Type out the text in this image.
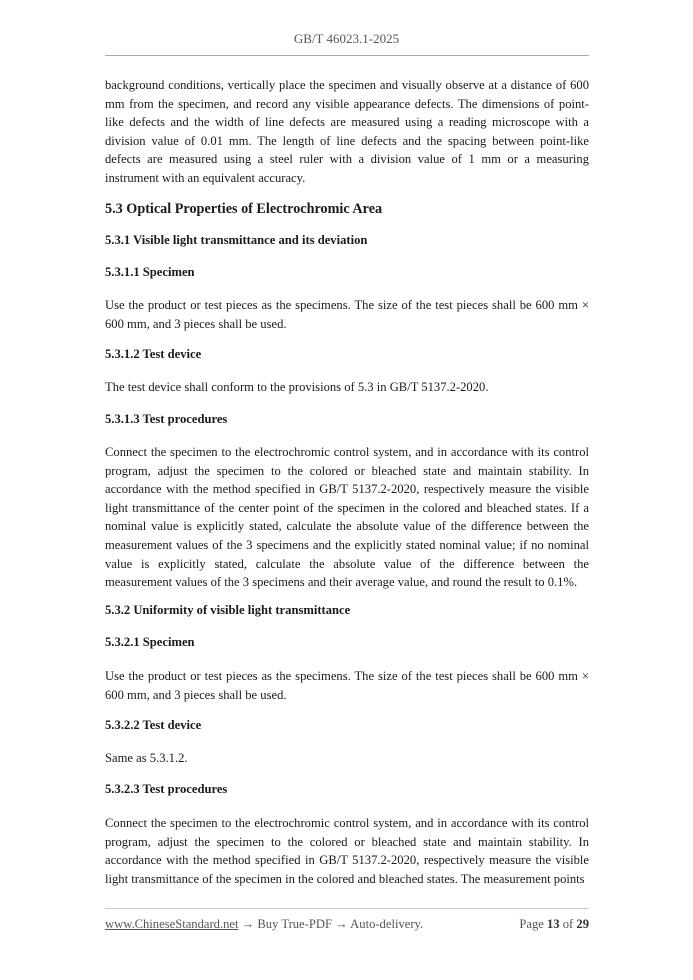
GB/T 46023.1-2025
background conditions, vertically place the specimen and visually observe at a distance of 600 mm from the specimen, and record any visible appearance defects. The dimensions of point-like defects and the width of line defects are measured using a reading microscope with a division value of 0.01 mm. The length of line defects and the spacing between point-like defects are measured using a steel ruler with a division value of 1 mm or a measuring instrument with an equivalent accuracy.
5.3 Optical Properties of Electrochromic Area
5.3.1 Visible light transmittance and its deviation
5.3.1.1 Specimen
Use the product or test pieces as the specimens. The size of the test pieces shall be 600 mm × 600 mm, and 3 pieces shall be used.
5.3.1.2 Test device
The test device shall conform to the provisions of 5.3 in GB/T 5137.2-2020.
5.3.1.3 Test procedures
Connect the specimen to the electrochromic control system, and in accordance with its control program, adjust the specimen to the colored or bleached state and maintain stability. In accordance with the method specified in GB/T 5137.2-2020, respectively measure the visible light transmittance of the center point of the specimen in the colored and bleached states. If a nominal value is explicitly stated, calculate the absolute value of the difference between the measurement values of the 3 specimens and the explicitly stated nominal value; if no nominal value is explicitly stated, calculate the absolute value of the difference between the measurement values of the 3 specimens and their average value, and round the result to 0.1%.
5.3.2 Uniformity of visible light transmittance
5.3.2.1 Specimen
Use the product or test pieces as the specimens. The size of the test pieces shall be 600 mm × 600 mm, and 3 pieces shall be used.
5.3.2.2 Test device
Same as 5.3.1.2.
5.3.2.3 Test procedures
Connect the specimen to the electrochromic control system, and in accordance with its control program, adjust the specimen to the colored or bleached state and maintain stability. In accordance with the method specified in GB/T 5137.2-2020, respectively measure the visible light transmittance of the specimen in the colored and bleached states. The measurement points
www.ChineseStandard.net → Buy True-PDF → Auto-delivery.	Page 13 of 29
